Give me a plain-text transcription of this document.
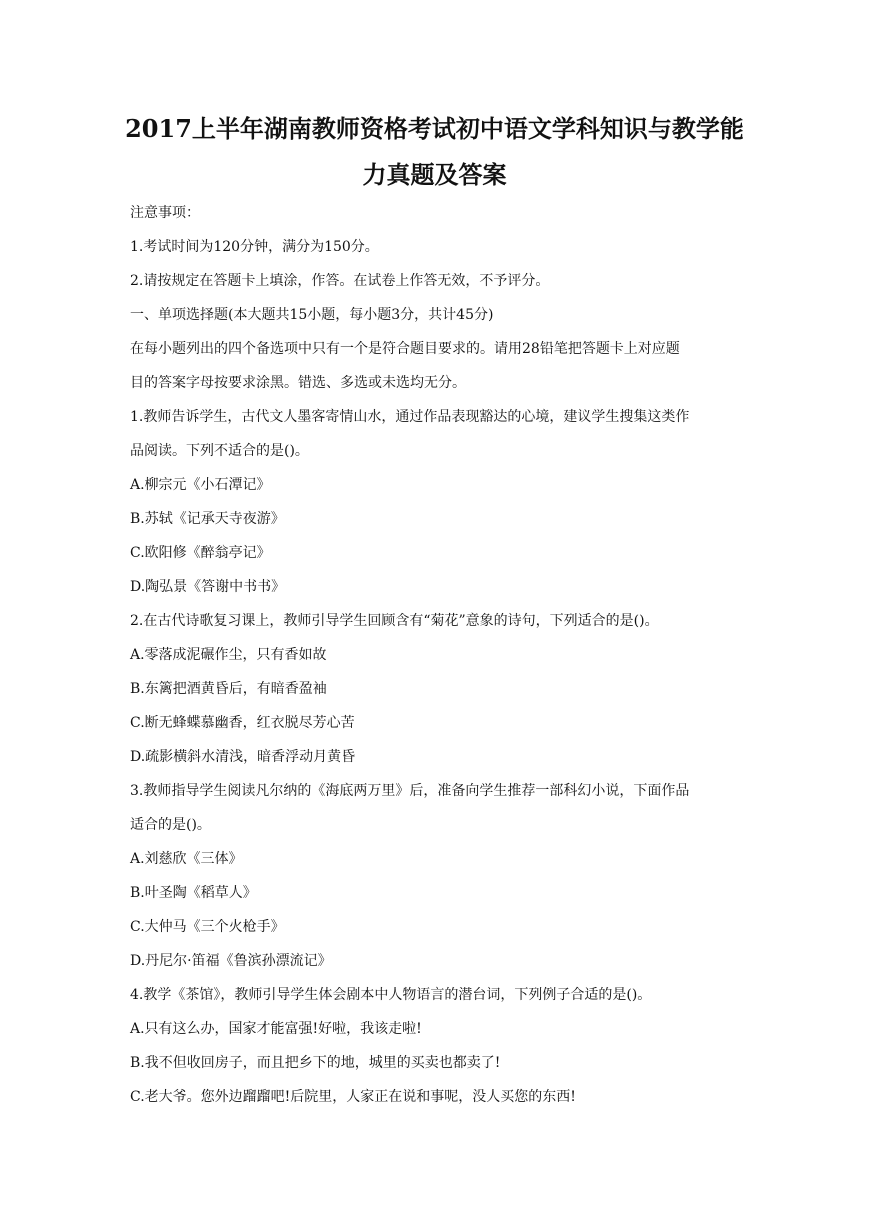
2017上半年湖南教师资格考试初中语文学科知识与教学能
力真题及答案
注意事项：
1.考试时间为120分钟，满分为150分。
2.请按规定在答题卡上填涂，作答。在试卷上作答无效，不予评分。
一、单项选择题(本大题共15小题，每小题3分，共计45分)
在每小题列出的四个备选项中只有一个是符合题目要求的。请用28铅笔把答题卡上对应题
目的答案字母按要求涂黑。错选、多选或未选均无分。
1.教师告诉学生，古代文人墨客寄情山水，通过作品表现豁达的心境，建议学生搜集这类作
品阅读。下列不适合的是()。
A.柳宗元《小石潭记》
B.苏轼《记承天寺夜游》
C.欧阳修《醉翁亭记》
D.陶弘景《答谢中书书》
2.在古代诗歌复习课上，教师引导学生回顾含有“菊花”意象的诗句，下列适合的是()。
A.零落成泥碾作尘，只有香如故
B.东篱把酒黄昏后，有暗香盈袖
C.断无蜂蝶慕幽香，红衣脱尽芳心苦
D.疏影横斜水清浅，暗香浮动月黄昏
3.教师指导学生阅读凡尔纳的《海底两万里》后，准备向学生推荐一部科幻小说，下面作品
适合的是()。
A.刘慈欣《三体》
B.叶圣陶《稻草人》
C.大仲马《三个火枪手》
D.丹尼尔·笛福《鲁滨孙漂流记》
4.教学《茶馆》，教师引导学生体会剧本中人物语言的潜台词，下列例子合适的是()。
A.只有这么办，国家才能富强!好啦，我该走啦!
B.我不但收回房子，而且把乡下的地，城里的买卖也都卖了!
C.老大爷。您外边蹓蹓吧!后院里，人家正在说和事呢，没人买您的东西!
